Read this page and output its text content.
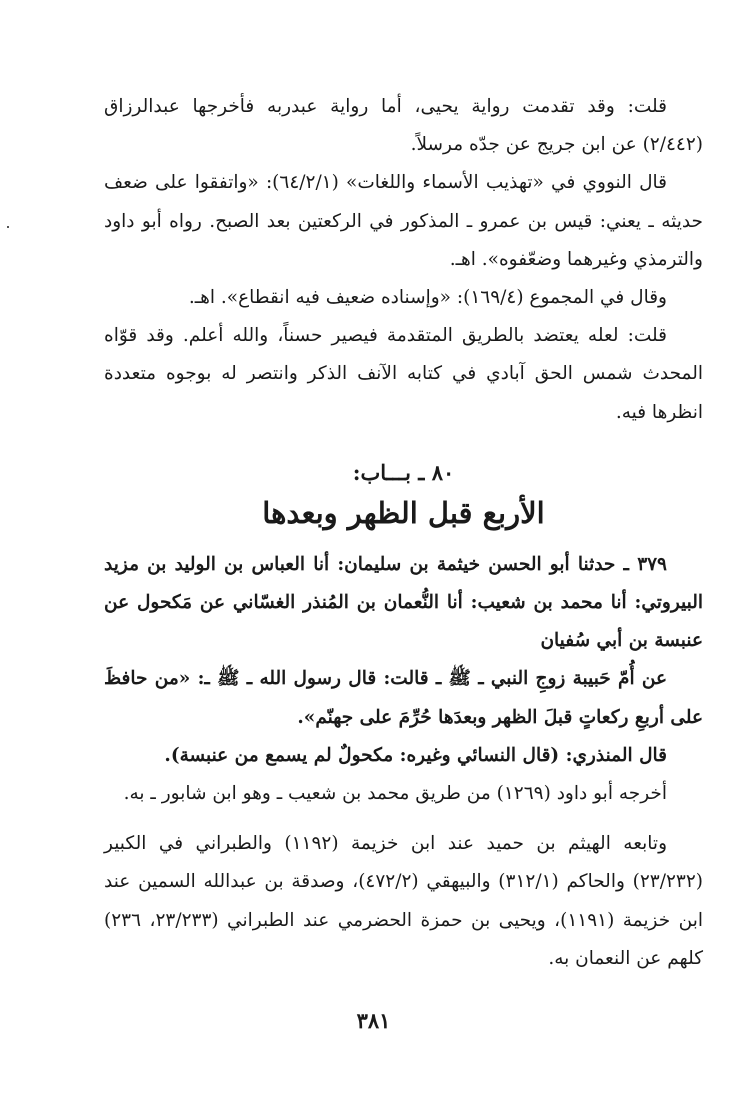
قلت: وقد تقدمت رواية يحيى، أما رواية عبدربه فأخرجها عبدالرزاق (٢/٤٤٢) عن ابن جريج عن جدّه مرسلاً.

قال النووي في «تهذيب الأسماء واللغات» (٦٤/٢/١): «واتفقوا على ضعف حديثه ـ يعني: قيس بن عمرو ـ المذكور في الركعتين بعد الصبح. رواه أبو داود والترمذي وغيرهما وضعّفوه». اهـ.

وقال في المجموع (١٦٩/٤): «وإسناده ضعيف فيه انقطاع». اهـ.

قلت: لعله يعتضد بالطريق المتقدمة فيصير حسناً، والله أعلم. وقد قوّاه المحدث شمس الحق آبادي في كتابه الآنف الذكر وانتصر له بوجوه متعددة انظرها فيه.

٨٠ ـ بـــاب:
الأربع قبل الظهر وبعدها

٣٧٩ ـ حدثنا أبو الحسن خيثمة بن سليمان: أنا العباس بن الوليد بن مزيد البيروتي: أنا محمد بن شعيب: أنا النُّعمان بن المُنذر الغسّاني عن مَكحول عن عنبسة بن أبي سُفيان

عن أُمّ حَبيبة زوجِ النبي ـ ﷺ ـ قالت: قال رسول الله ـ ﷺ ـ: «من حافظَ على أربعِ ركعاتٍ قبلَ الظهر وبعدَها حُرِّمَ على جهنّم».

قال المنذري: (قال النسائي وغيره: مكحولٌ لم يسمع من عنبسة).

أخرجه أبو داود (١٢٦٩) من طريق محمد بن شعيب ـ وهو ابن شابور ـ به.

وتابعه الهيثم بن حميد عند ابن خزيمة (١١٩٢) والطبراني في الكبير (٢٣/٢٣٢) والحاكم (٣١٢/١) والبيهقي (٤٧٢/٢)، وصدقة بن عبدالله السمين عند ابن خزيمة (١١٩١)، ويحيى بن حمزة الحضرمي عند الطبراني (٢٣/٢٣٣، ٢٣٦) كلهم عن النعمان به.

٣٨١
